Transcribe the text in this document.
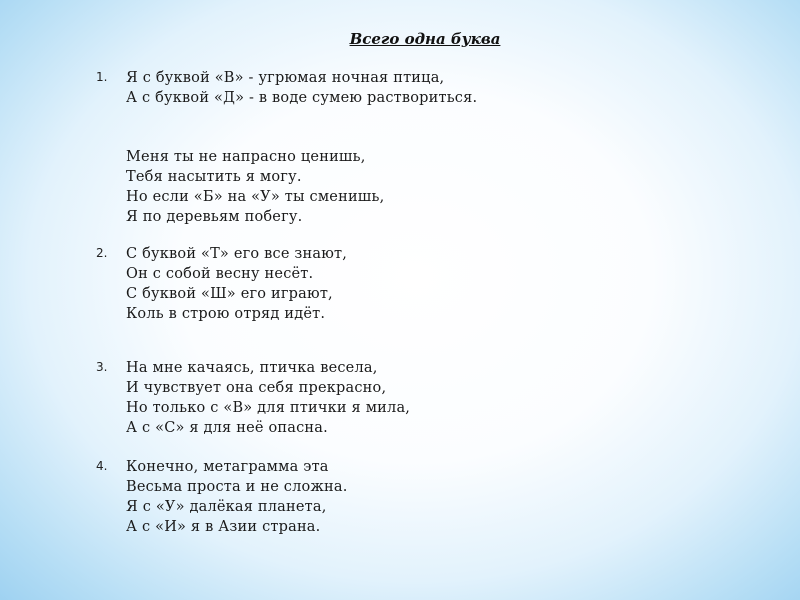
Всего одна буква
1. Я с буквой «В» - угрюмая ночная птица,
А с буквой «Д» - в воде сумею раствориться.
Меня ты не напрасно ценишь,
Тебя насытить я могу.
Но если «Б» на «У» ты сменишь,
Я по деревьям побегу.
2. С буквой «Т» его все знают,
Он с собой весну несёт.
С буквой «Ш» его играют,
Коль в строю отряд идёт.
3. На мне качаясь, птичка весела,
И чувствует она себя прекрасно,
Но только с «В» для птички я мила,
А с «С» я для неё опасна.
4. Конечно, метаграмма эта
Весьма проста и не сложна.
Я с «У» далёкая планета,
А с «И» я в Азии страна.
